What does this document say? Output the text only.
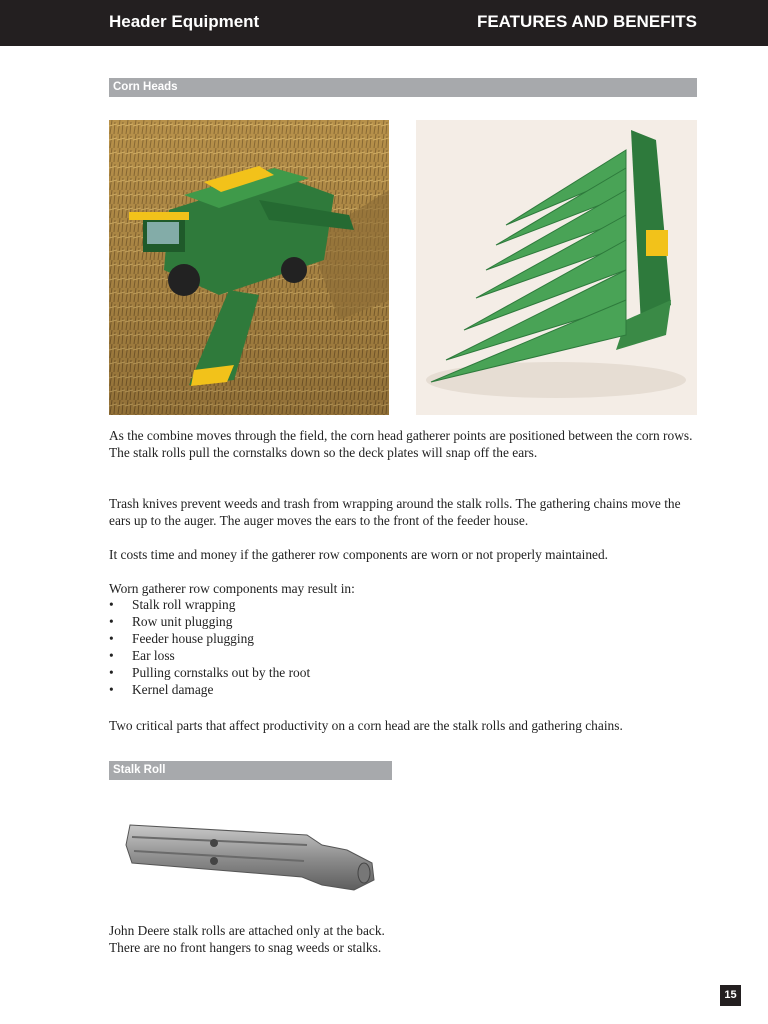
Header Equipment	FEATURES AND BENEFITS
Corn Heads

As the combine moves through the field, the corn head gatherer points are positioned between the corn rows. The stalk rolls pull the cornstalks down so the deck plates will snap off the ears.

Trash knives prevent weeds and trash from wrapping around the stalk rolls. The gathering chains move the ears up to the auger. The auger moves the ears to the front of the feeder house.

It costs time and money if the gatherer row components are worn or not properly maintained.

Worn gatherer row components may result in:

• Stalk roll wrapping
• Row unit plugging
• Feeder house plugging
• Ear loss
• Pulling cornstalks out by the root
• Kernel damage

Two critical parts that affect productivity on a corn head are the stalk rolls and gathering chains.

Stalk Roll

John Deere stalk rolls are attached only at the back.
There are no front hangers to snag weeds or stalks.

15
